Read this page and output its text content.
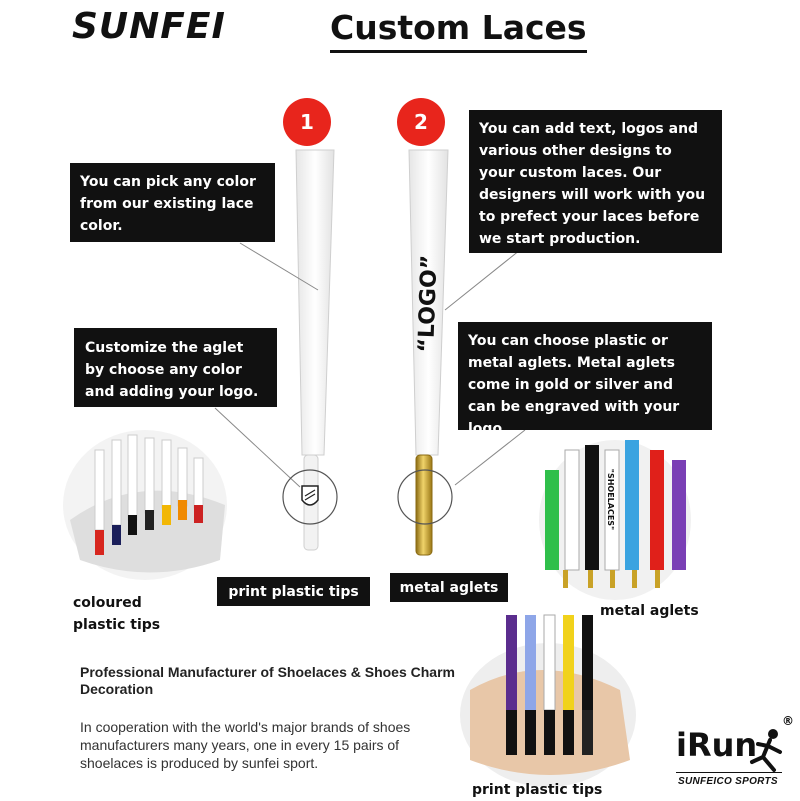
SUNFEI	Custom Laces
1	2
“LOGO”
"SHOELACES"
You can pick any color from our existing lace color.
Customize the aglet by choose any color and adding your logo.
You can add text, logos and various other designs to your custom laces. Our designers will work with you to prefect your laces before we start production.
You can choose plastic or metal aglets. Metal aglets come in gold or silver and can be engraved with your logo.
print plastic tips	metal aglets
coloured plastic tips
metal aglets
print plastic tips
Professional Manufacturer of Shoelaces & Shoes Charm Decoration
In cooperation with the world's major brands of shoes manufacturers many years, one in every 15 pairs of shoelaces is produced by sunfei sport.	iRun
®
SUNFEICO SPORTS
